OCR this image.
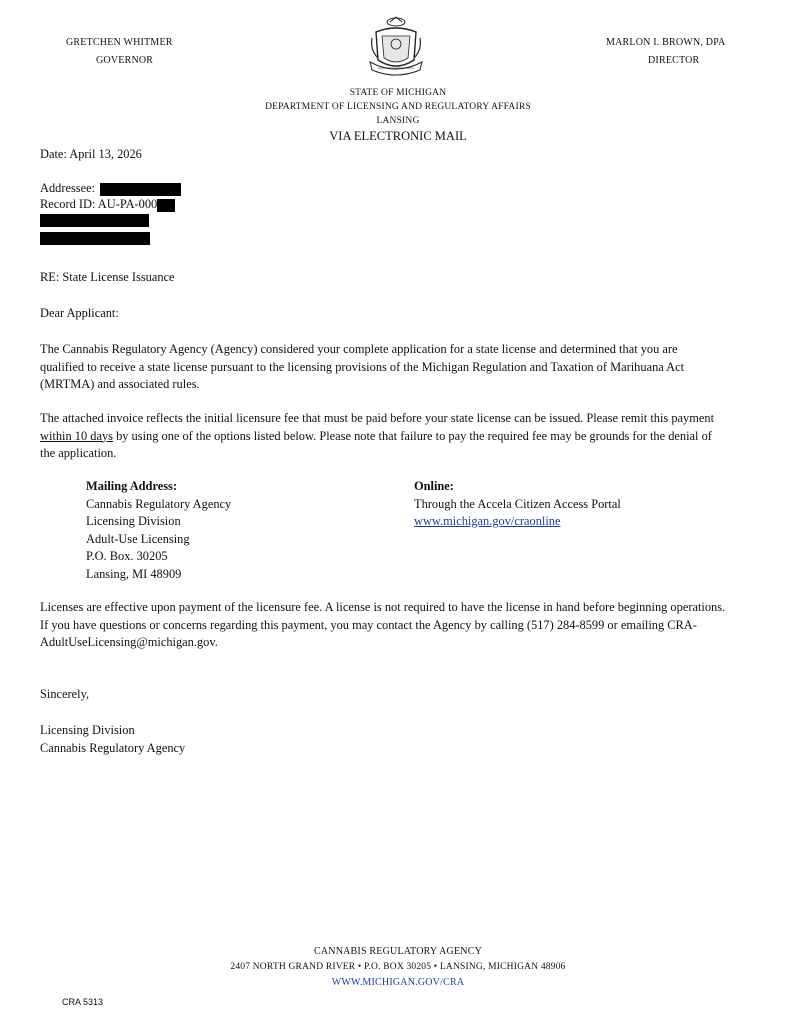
GRETCHEN WHITMER
GOVERNOR
MARLON I. BROWN, DPA
DIRECTOR
STATE OF MICHIGAN
DEPARTMENT OF LICENSING AND REGULATORY AFFAIRS
LANSING
VIA ELECTRONIC MAIL
Date: April 13, 2026
Addressee:
Record ID: AU-PA-000
RE: State License Issuance
Dear Applicant:

The Cannabis Regulatory Agency (Agency) considered your complete application for a state license and determined that you are qualified to receive a state license pursuant to the licensing provisions of the Michigan Regulation and Taxation of Marihuana Act (MRTMA) and associated rules.

The attached invoice reflects the initial licensure fee that must be paid before your state license can be issued. Please remit this payment within 10 days by using one of the options listed below. Please note that failure to pay the required fee may be grounds for the denial of the application.

Mailing Address:
Cannabis Regulatory Agency
Licensing Division
Adult-Use Licensing
P.O. Box. 30205
Lansing, MI 48909
Online:
Through the Accela Citizen Access Portal
www.michigan.gov/craonline

Licenses are effective upon payment of the licensure fee. A license is not required to have the license in hand before beginning operations. If you have questions or concerns regarding this payment, you may contact the Agency by calling (517) 284-8599 or emailing CRA-AdultUseLicensing@michigan.gov.

Sincerely,
Licensing Division
Cannabis Regulatory Agency
CANNABIS REGULATORY AGENCY
2407 NORTH GRAND RIVER • P.O. BOX 30205 • LANSING, MICHIGAN 48906
WWW.MICHIGAN.GOV/CRA
CRA 5313
